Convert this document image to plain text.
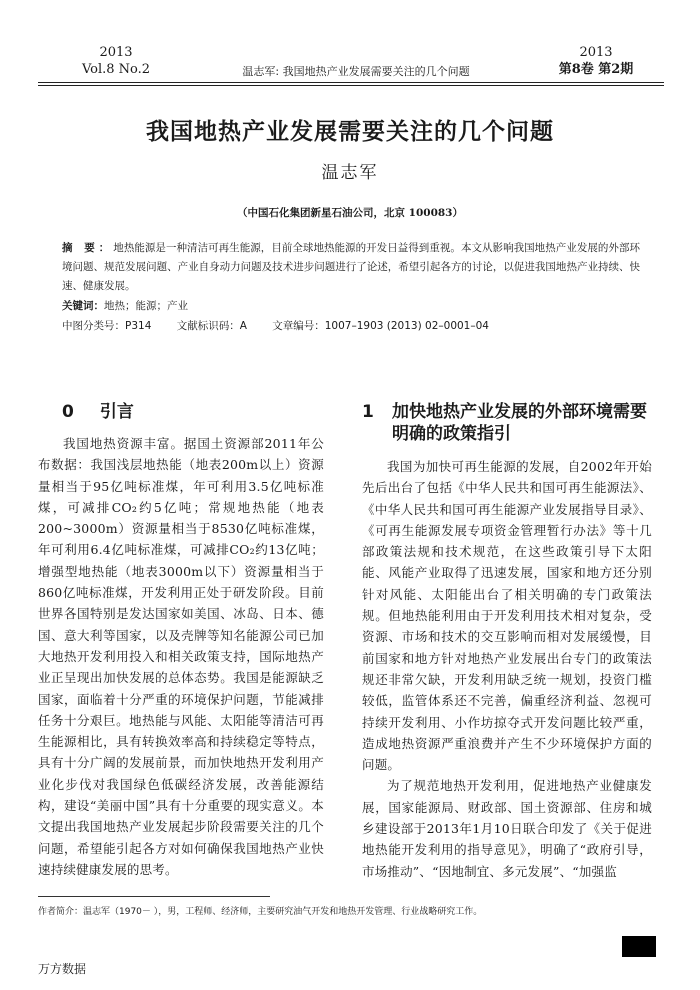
2013
Vol.8 No.2	温志军: 我国地热产业发展需要关注的几个问题
2013
第8卷 第2期
我国地热产业发展需要关注的几个问题
温志军
（中国石化集团新星石油公司，北京 100083）
摘 要：地热能源是一种清洁可再生能源，目前全球地热能源的开发日益得到重视。本文从影响我国地热产业发展的外部环境问题、规范发展问题、产业自身动力问题及技术进步问题进行了论述，希望引起各方的讨论，以促进我国地热产业持续、快速、健康发展。
关键词：地热；能源；产业
中图分类号：P314 文献标识码：A 文章编号：1007–1903 (2013) 02–0001–04
0 引言

我国地热资源丰富。据国土资源部2011年公布数据：我国浅层地热能（地表200m以上）资源量相当于95亿吨标准煤，年可利用3.5亿吨标准煤，可减排CO₂约5亿吨；常规地热能（地表200~3000m）资源量相当于8530亿吨标准煤，年可利用6.4亿吨标准煤，可减排CO₂约13亿吨；增强型地热能（地表3000m以下）资源量相当于860亿吨标准煤，开发利用正处于研发阶段。目前世界各国特别是发达国家如美国、冰岛、日本、德国、意大利等国家，以及壳牌等知名能源公司已加大地热开发利用投入和相关政策支持，国际地热产业正呈现出加快发展的总体态势。我国是能源缺乏国家，面临着十分严重的环境保护问题，节能减排任务十分艰巨。地热能与风能、太阳能等清洁可再生能源相比，具有转换效率高和持续稳定等特点，具有十分广阔的发展前景，而加快地热开发利用产业化步伐对我国绿色低碳经济发展，改善能源结构，建设“美丽中国”具有十分重要的现实意义。本文提出我国地热产业发展起步阶段需要关注的几个问题，希望能引起各方对如何确保我国地热产业快速持续健康发展的思考。

1	加快地热产业发展的外部环境需要明确的政策指引

我国为加快可再生能源的发展，自2002年开始先后出台了包括《中华人民共和国可再生能源法》、《中华人民共和国可再生能源产业发展指导目录》、《可再生能源发展专项资金管理暂行办法》等十几部政策法规和技术规范，在这些政策引导下太阳能、风能产业取得了迅速发展，国家和地方还分别针对风能、太阳能出台了相关明确的专门政策法规。但地热能利用由于开发利用技术相对复杂，受资源、市场和技术的交互影响而相对发展缓慢，目前国家和地方针对地热产业发展出台专门的政策法规还非常欠缺，开发利用缺乏统一规划，投资门槛较低，监管体系还不完善，偏重经济利益、忽视可持续开发利用、小作坊掠夺式开发问题比较严重，造成地热资源严重浪费并产生不少环境保护方面的问题。

为了规范地热开发利用，促进地热产业健康发展，国家能源局、财政部、国土资源部、住房和城乡建设部于2013年1月10日联合印发了《关于促进地热能开发利用的指导意见》，明确了“政府引导，市场推动”、“因地制宜、多元发展”、“加强监

作者简介：温志军（1970－ ），男，工程师、经济师，主要研究油气开发和地热开发管理、行业战略研究工作。
万方数据
